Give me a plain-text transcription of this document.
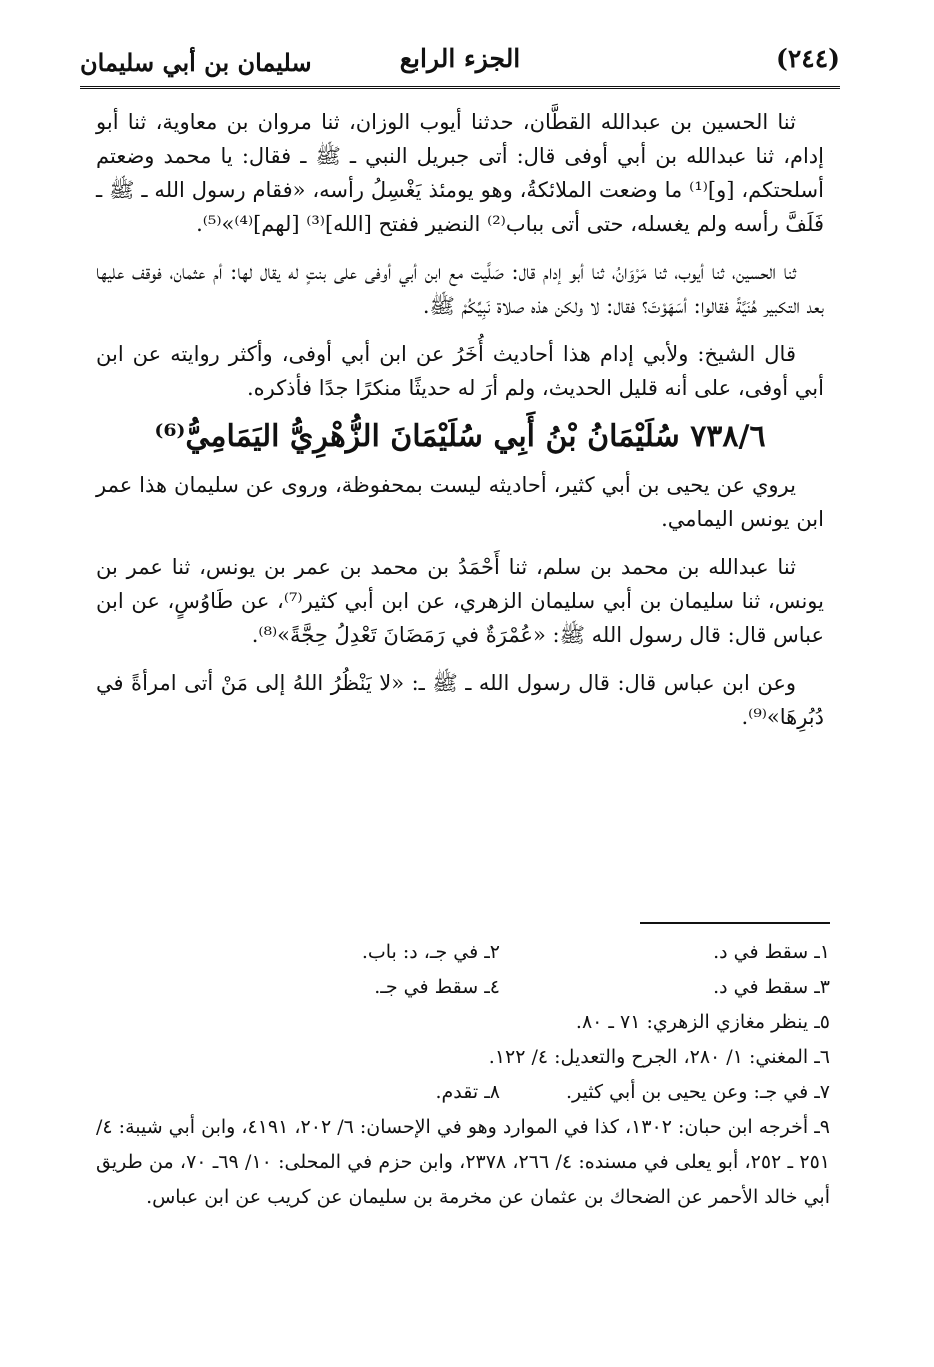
(٢٤٤)
الجزء الرابع
سليمان بن أبي سليمان

ثنا الحسين بن عبدالله القطَّان، حدثنا أيوب الوزان، ثنا مروان بن معاوية، ثنا أبو إدام، ثنا عبدالله بن أبي أوفى قال: أتى جبريل النبي ـ ﷺ ـ فقال: يا محمد وضعتم أسلحتكم، [و]⁽¹⁾ ما وضعت الملائكةُ، وهو يومئذ يَغْسِلُ رأسه، «فقام رسول الله ـ ﷺ ـ فَلَفَّ رأسه ولم يغسله، حتى أتى بباب⁽²⁾ النضير ففتح [الله]⁽³⁾ [لهم]⁽⁴⁾»⁽⁵⁾.

ثنا الحسين، ثنا أيوب، ثنا مَرْوَانُ، ثنا أبو إدام قال: صَلَّيت مع ابن أبي أوفى على بنتٍ له يقال لها: أم عثمان، فوقف عليها بعد التكبير هُنَيَّةً فقالوا: أسَهَوْتَ؟ فقال: لا ولكن هذه صلاة نَبِيِّكُمْ ﷺ.

قال الشيخ: ولأبي إدام هذا أحاديث أُخَرُ عن ابن أبي أوفى، وأكثر روايته عن ابن أبي أوفى، على أنه قليل الحديث، ولم أرَ له حديثًا منكرًا جدًا فأذكره.

٧٣٨/٦ سُلَيْمَانُ بْنُ أَبِي سُلَيْمَانَ الزُّهْرِيُّ اليَمَامِيُّ⁽⁶⁾

يروي عن يحيى بن أبي كثير، أحاديثه ليست بمحفوظة، وروى عن سليمان هذا عمر ابن يونس اليمامي.

ثنا عبدالله بن محمد بن سلم، ثنا أَحْمَدُ بن محمد بن عمر بن يونس، ثنا عمر بن يونس، ثنا سليمان بن أبي سليمان الزهري، عن ابن أبي كثير⁽⁷⁾، عن طَاوُسٍ، عن ابن عباس قال: قال رسول الله ﷺ: «عُمْرَةٌ في رَمَضَانَ تَعْدِلُ حِجَّةً»⁽⁸⁾.

وعن ابن عباس قال: قال رسول الله ـ ﷺ ـ: «لا يَنْظُرُ اللهُ إلى مَنْ أتى امرأةً في دُبُرِهَا»⁽⁹⁾.

١ـ سقط في د.
٢ـ في جـ، د: باب.
٣ـ سقط في د.
٤ـ سقط في جـ.
٥ـ ينظر مغازي الزهري: ٧١ ـ ٨٠.
٦ـ المغني: ١/ ٢٨٠، الجرح والتعديل: ٤/ ١٢٢.
٧ـ في جـ: وعن يحيى بن أبي كثير.
٨ـ تقدم.
٩ـ أخرجه ابن حبان: ١٣٠٢، كذا في الموارد وهو في الإحسان: ٦/ ٢٠٢، ٤١٩١، وابن أبي شيبة: ٤/ ٢٥١ ـ ٢٥٢، أبو يعلى في مسنده: ٤/ ٢٦٦، ٢٣٧٨، وابن حزم في المحلى: ١٠/ ٦٩ـ ٧٠، من طريق أبي خالد الأحمر عن الضحاك بن عثمان عن مخرمة بن سليمان عن كريب عن ابن عباس.
